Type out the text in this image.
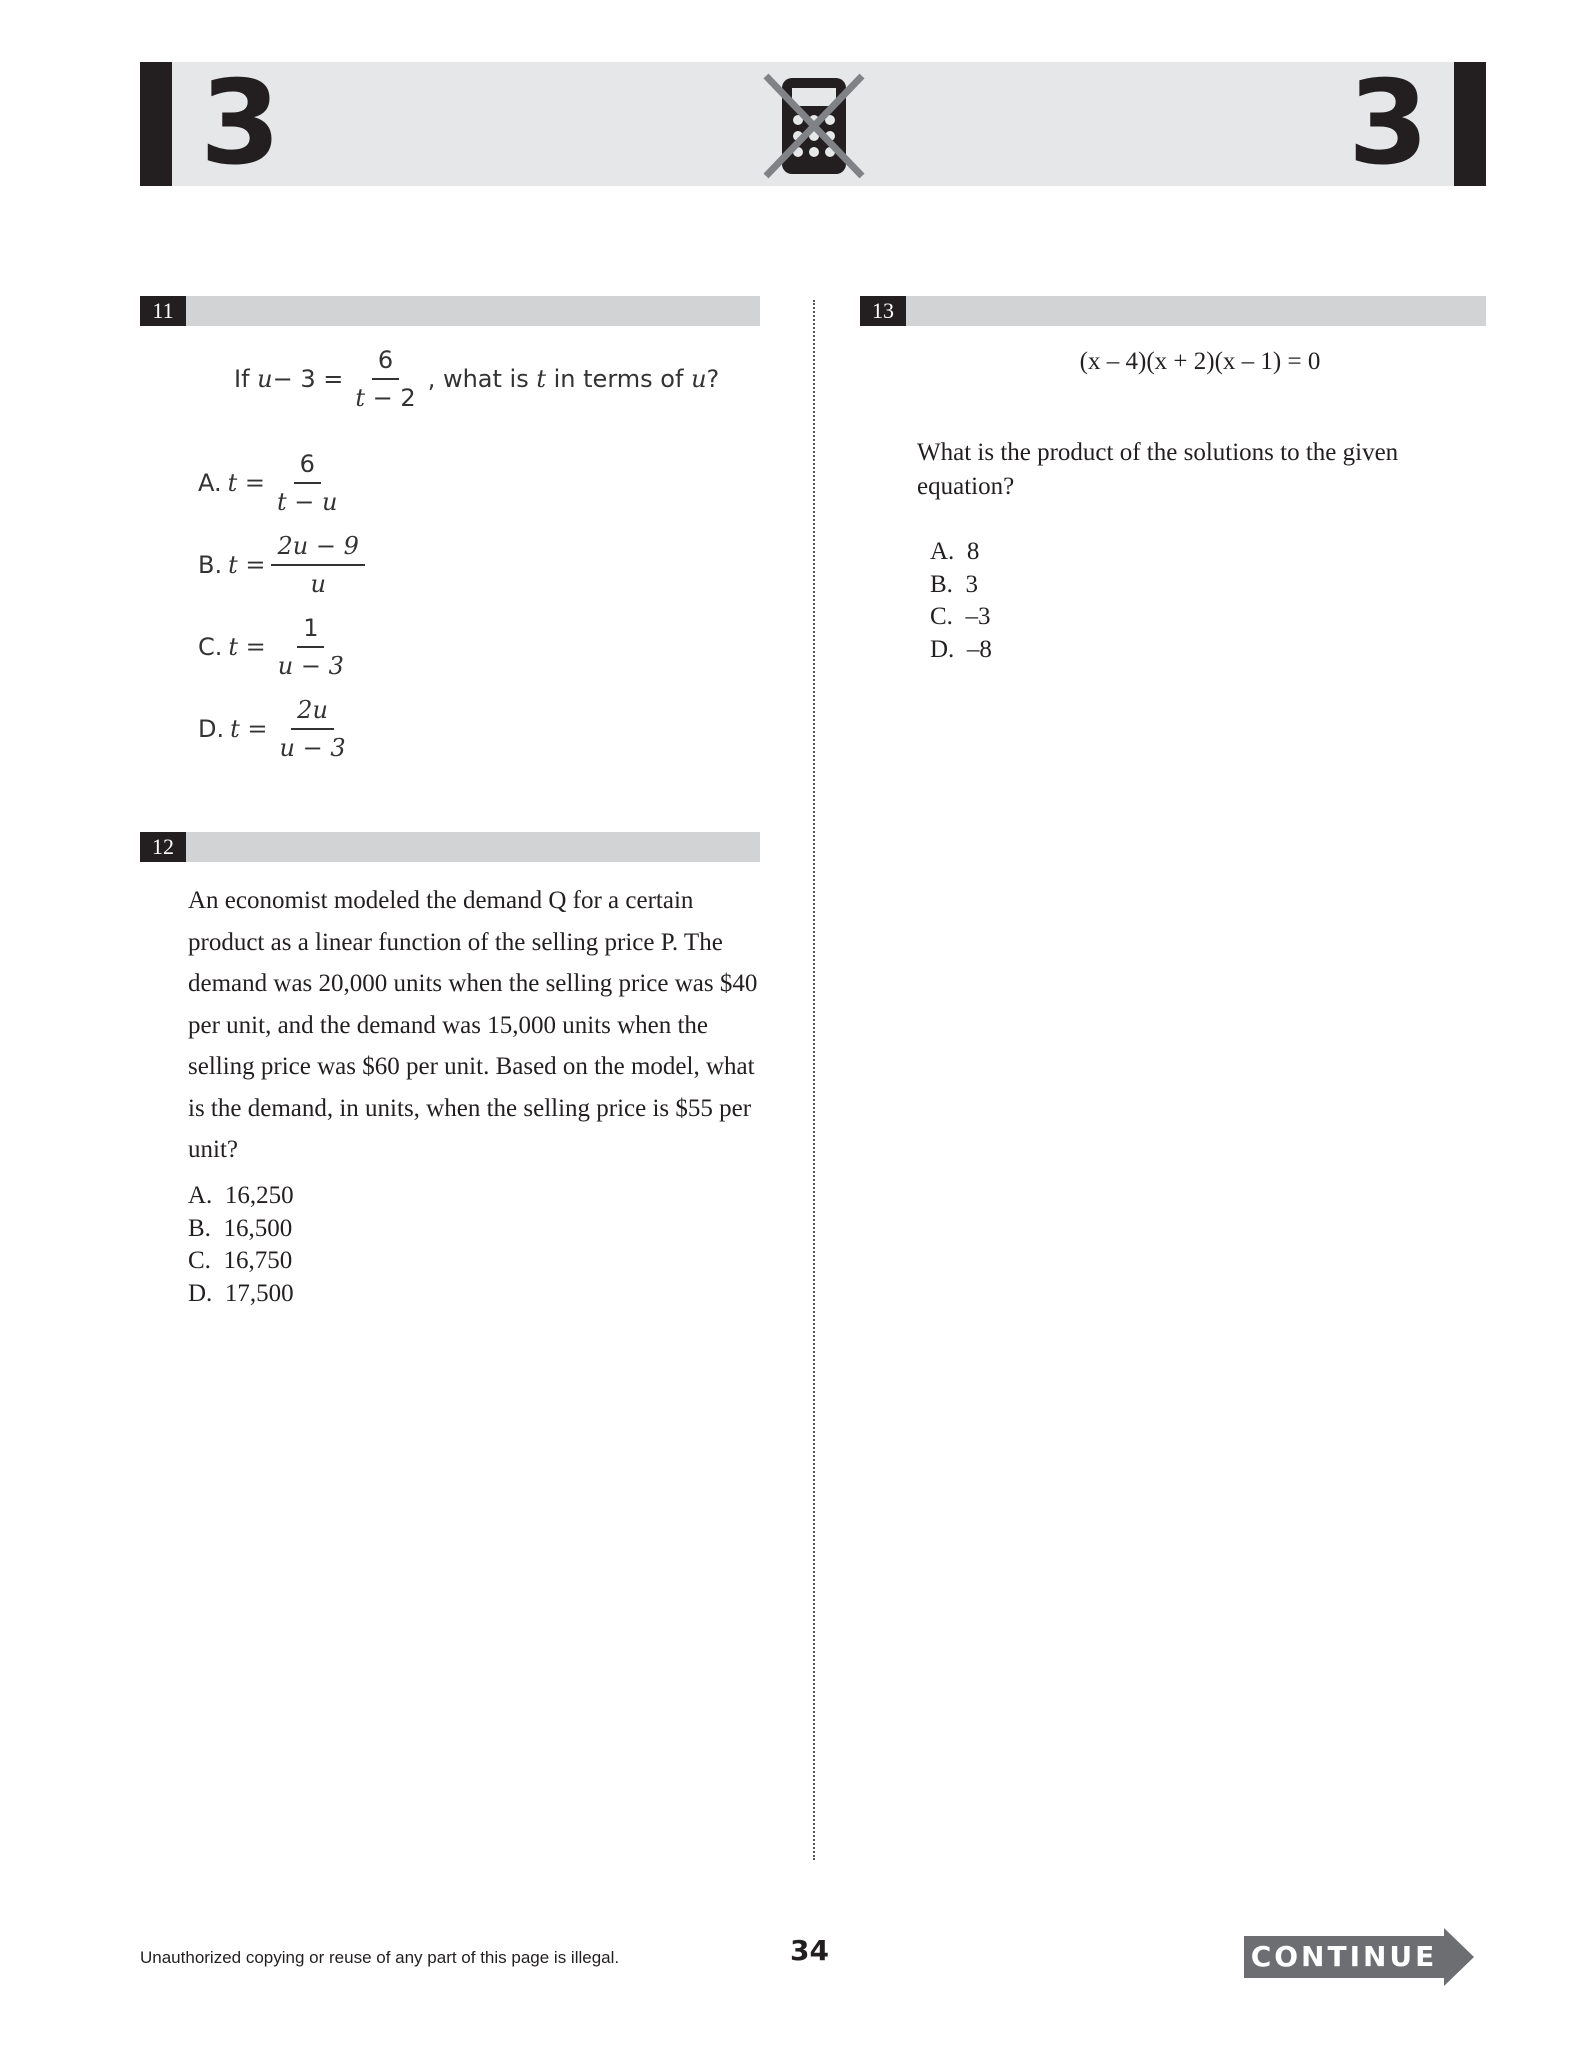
3	3
11
If
$u - 3 = \frac{6}{t - 2}$ , what is
t
in terms of
u ?
A. $t = \frac{6}{t - u}$
B. $t = \frac{2u - 9}{u}$
C. $t = \frac{1}{u - 3}$
D. $t = \frac{2u}{u - 3}$
12
An economist modeled the demand Q for a certain product as a linear function of the selling price P. The demand was 20,000 units when the selling price was $40 per unit, and the demand was 15,000 units when the selling price was $60 per unit. Based on the model, what is the demand, in units, when the selling price is $55 per unit?
A. 16,250
B. 16,500
C. 16,750
D. 17,500
13
(x – 4)(x + 2)(x – 1) = 0
What is the product of the solutions to the given equation?
A. 8
B. 3
C. –3
D. –8
Unauthorized copying or reuse of any part of this page is illegal.	34	CONTINUE
